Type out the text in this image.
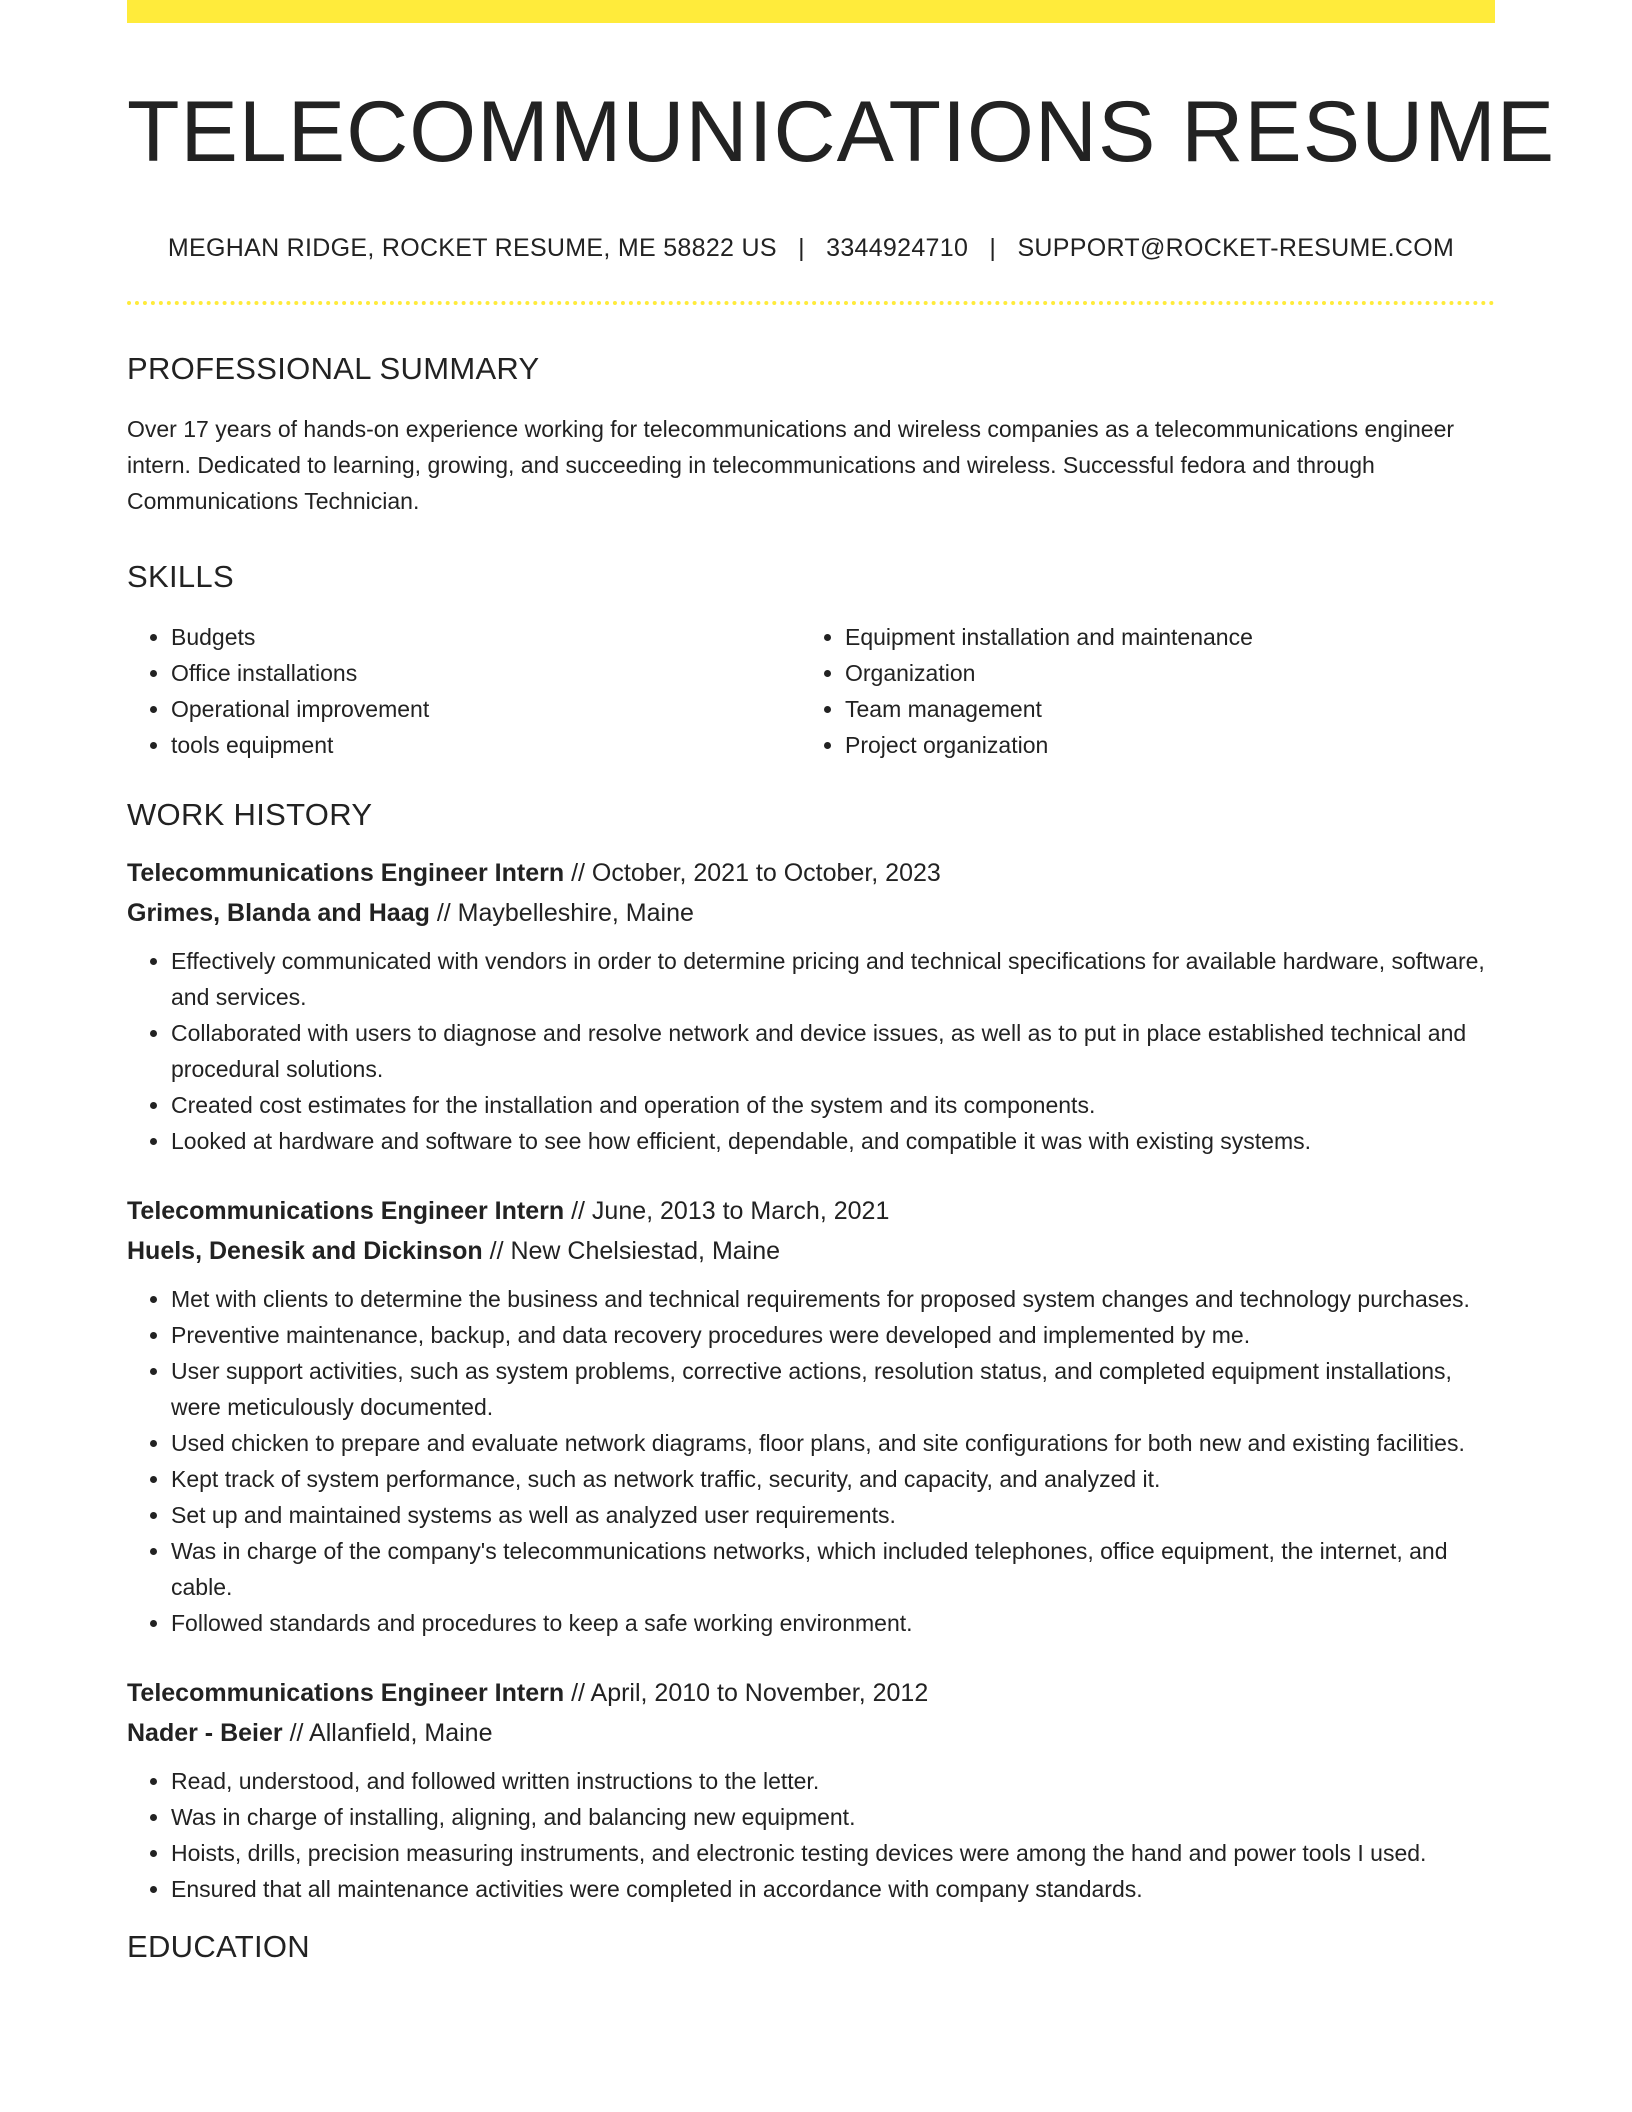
TELECOMMUNICATIONS RESUME
MEGHAN RIDGE, ROCKET RESUME, ME 58822 US | 3344924710 | SUPPORT@ROCKET-RESUME.COM
PROFESSIONAL SUMMARY

Over 17 years of hands-on experience working for telecommunications and wireless companies as a telecommunications engineer intern. Dedicated to learning, growing, and succeeding in telecommunications and wireless. Successful fedora and through Communications Technician.

SKILLS
• Budgets
• Office installations
• Operational improvement
• tools equipment
• Equipment installation and maintenance
• Organization
• Team management
• Project organization
WORK HISTORY
Telecommunications Engineer Intern // October, 2021 to October, 2023
Grimes, Blanda and Haag // Maybelleshire, Maine
• Effectively communicated with vendors in order to determine pricing and technical specifications for available hardware, software, and services.
• Collaborated with users to diagnose and resolve network and device issues, as well as to put in place established technical and procedural solutions.
• Created cost estimates for the installation and operation of the system and its components.
• Looked at hardware and software to see how efficient, dependable, and compatible it was with existing systems.
Telecommunications Engineer Intern // June, 2013 to March, 2021
Huels, Denesik and Dickinson // New Chelsiestad, Maine
• Met with clients to determine the business and technical requirements for proposed system changes and technology purchases.
• Preventive maintenance, backup, and data recovery procedures were developed and implemented by me.
• User support activities, such as system problems, corrective actions, resolution status, and completed equipment installations, were meticulously documented.
• Used chicken to prepare and evaluate network diagrams, floor plans, and site configurations for both new and existing facilities.
• Kept track of system performance, such as network traffic, security, and capacity, and analyzed it.
• Set up and maintained systems as well as analyzed user requirements.
• Was in charge of the company's telecommunications networks, which included telephones, office equipment, the internet, and cable.
• Followed standards and procedures to keep a safe working environment.
Telecommunications Engineer Intern // April, 2010 to November, 2012
Nader - Beier // Allanfield, Maine
• Read, understood, and followed written instructions to the letter.
• Was in charge of installing, aligning, and balancing new equipment.
• Hoists, drills, precision measuring instruments, and electronic testing devices were among the hand and power tools I used.
• Ensured that all maintenance activities were completed in accordance with company standards.
EDUCATION
